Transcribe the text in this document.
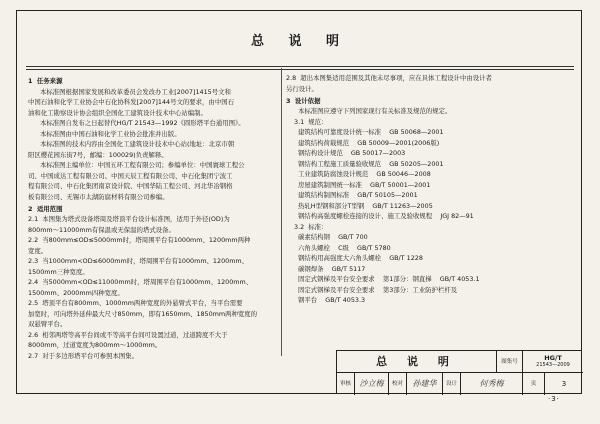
总 说 明

1  任务来源

本标准图根据国家发展和改革委员会发改办工业[2007]1415号文和

中国石油和化学工业协会中石化协科发[2007]144号文的要求，由中国石

油和化工勘察设计协会组织全国化工建筑设计技术中心站编制。

本标准图自发布之日起替代HG/T 21543—1992《圆形塔平台通用图》。

本标准图由中国石油和化学工业协会批准并出版。

本标准图的技术内容由全国化工建筑设计技术中心站(地址：北京市朝

阳区樱花园东街7号，邮编：100029)负责解释。

本标准图主编单位：中国五环工程有限公司；参编单位：中国寰球工程公

司、中国成达工程有限公司、中国天辰工程有限公司、中石化集团宁波工

程有限公司、中石化集团南京设计院、中国华陆工程公司、河北华冶钢格

板有限公司、无锡市太湖防腐材料有限公司参编。

2  适用范围

2.1  本图集为塔式设备塔周及塔顶平台设计标准图，适用于外径(OD)为

800mm～11000mm有保温或无保温的塔式设备。

2.2  当800mm≤OD≤5000mm时，塔周围平台有1000mm、1200mm两种

宽度。

2.3  当1000mm<OD≤6000mm时，塔周围平台有1000mm、1200mm、

1500mm三种宽度。

2.4  当5000mm<OD≤11000mm时，塔周围平台有1000mm、1200mm、

1500mm、2000mm四种宽度。

2.5  塔顶平台有800mm、1000mm两种宽度的外悬臂式平台，当平台需要

加宽时，可向塔外延伸最大尺寸850mm，即有1650mm、1850mm两种宽度的

双悬臂平台。

2.6  相邻两塔等高平台间或不等高平台间可设置过道，过道跨度不大于

8000mm，过道宽度为800mm～1000mm。

2.7  对于多边形塔平台可参照本图集。

2.8  超出本图集适用范围及其他未尽事项，应在具体工程设计中由设计者

另行设计。

3  设计依据

本标准图应遵守下列国家现行有关标准及规范的规定。

3.1  规范：

建筑结构可靠度设计统一标准    GB 50068—2001

建筑结构荷载规范    GB 50009—2001(2006版)

钢结构设计规范    GB 50017—2003

钢结构工程施工质量验收规范    GB 50205—2001

工业建筑防腐蚀设计规范    GB 50046—2008

房屋建筑制图统一标准    GB/T 50001—2001

建筑结构制图标准    GB/T 50105—2001

热轧H型钢和部分T型钢    GB/T 11263—2005

钢结构高强度螺栓连接的设计、施工及验收规程    JGJ 82—91

3.2  标准：

碳素结构钢    GB/T 700

六角头螺栓    C级    GB/T 5780

钢结构用高强度大六角头螺栓    GB/T 1228

碳钢焊条    GB/T 5117

固定式钢梯及平台安全要求    第1部分：钢直梯    GB/T 4053.1

固定式钢梯及平台安全要求    第3部分：工业防护栏杆及

钢平台    GB/T 4053.3

总 说 明	图集号	HG/T
21543—2009
审核	沙立梅	校对	孙建华	设计	何秀梅	页	3
·3·
